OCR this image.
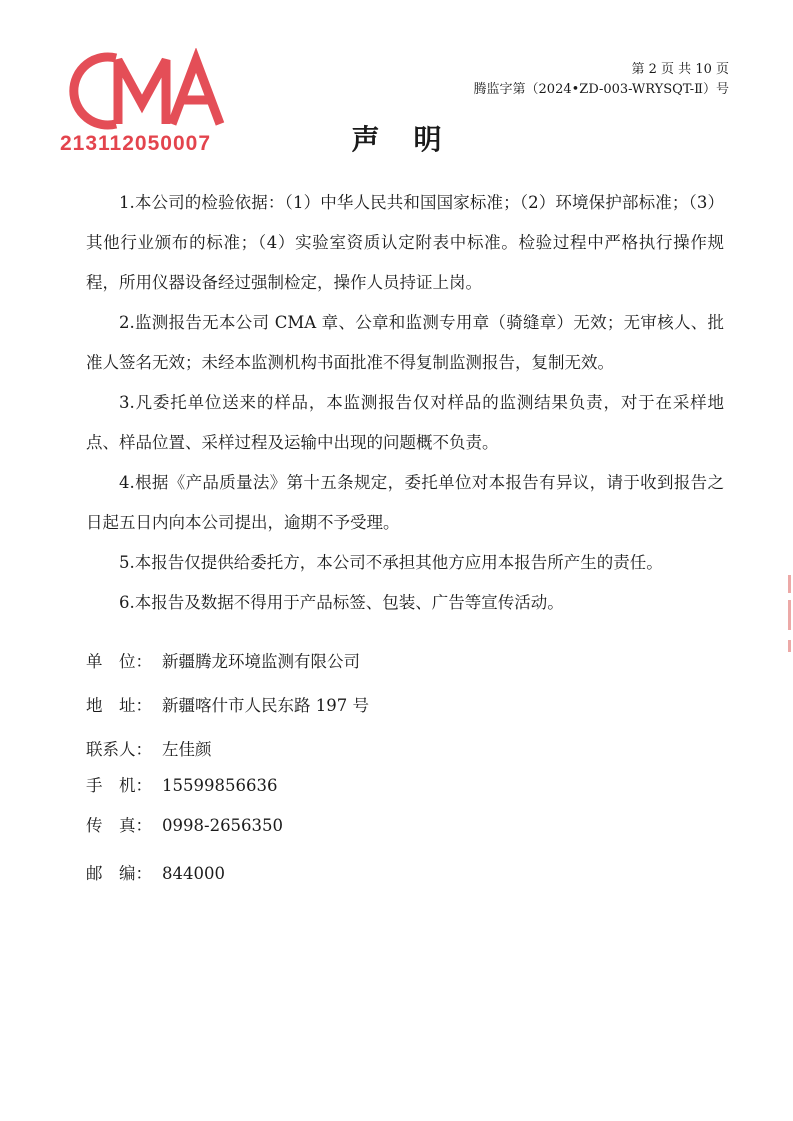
第 2 页 共 10 页
腾监字第（2024•ZD-003-WRYSQT-Ⅱ）号
213112050007	声明

1.本公司的检验依据：（1）中华人民共和国国家标准；（2）环境保护部标准；（3）其他行业颁布的标准；（4）实验室资质认定附表中标准。检验过程中严格执行操作规程，所用仪器设备经过强制检定，操作人员持证上岗。

2.监测报告无本公司 CMA 章、公章和监测专用章（骑缝章）无效；无审核人、批准人签名无效；未经本监测机构书面批准不得复制监测报告，复制无效。

3.凡委托单位送来的样品，本监测报告仅对样品的监测结果负责，对于在采样地点、样品位置、采样过程及运输中出现的问题概不负责。

4.根据《产品质量法》第十五条规定，委托单位对本报告有异议，请于收到报告之日起五日内向本公司提出，逾期不予受理。

5.本报告仅提供给委托方，本公司不承担其他方应用本报告所产生的责任。

6.本报告及数据不得用于产品标签、包装、广告等宣传活动。

单　位： 新疆腾龙环境监测有限公司
地　址： 新疆喀什市人民东路 197 号
联系人： 左佳颜
手　机： 15599856636
传　真： 0998-2656350
邮　编： 844000
